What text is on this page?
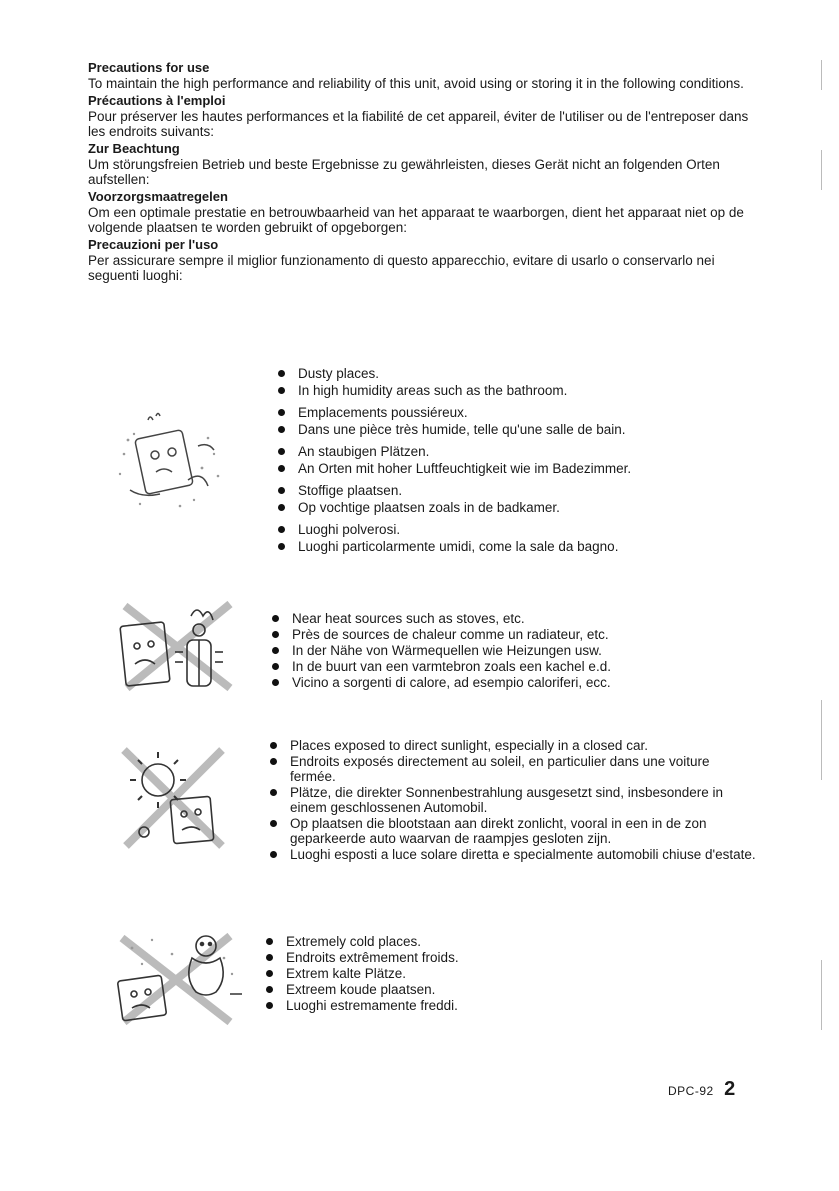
Precautions for use
To maintain the high performance and reliability of this unit, avoid using or storing it in the following conditions.
Précautions à l'emploi
Pour préserver les hautes performances et la fiabilité de cet appareil, éviter de l'utiliser ou de l'entreposer dans les endroits suivants:
Zur Beachtung
Um störungsfreien Betrieb und beste Ergebnisse zu gewährleisten, dieses Gerät nicht an folgenden Orten aufstellen:
Voorzorgsmaatregelen
Om een optimale prestatie en betrouwbaarheid van het apparaat te waarborgen, dient het apparaat niet op de volgende plaatsen te worden gebruikt of opgeborgen:
Precauzioni per l'uso
Per assicurare sempre il miglior funzionamento di questo apparecchio, evitare di usarlo o conservarlo nei seguenti luoghi:
Dusty places.
In high humidity areas such as the bathroom.
Emplacements poussiéreux.
Dans une pièce très humide, telle qu'une salle de bain.
An staubigen Plätzen.
An Orten mit hoher Luftfeuchtigkeit wie im Badezimmer.
Stoffige plaatsen.
Op vochtige plaatsen zoals in de badkamer.
Luoghi polverosi.
Luoghi particolarmente umidi, come la sale da bagno.
Near heat sources such as stoves, etc.
Près de sources de chaleur comme un radiateur, etc.
In der Nähe von Wärmequellen wie Heizungen usw.
In de buurt van een varmtebron zoals een kachel e.d.
Vicino a sorgenti di calore, ad esempio caloriferi, ecc.
Places exposed to direct sunlight, especially in a closed car.
Endroits exposés directement au soleil, en particulier dans une voiture fermée.
Plätze, die direkter Sonnenbestrahlung ausgesetzt sind, insbesondere in einem geschlossenen Automobil.
Op plaatsen die blootstaan aan direkt zonlicht, vooral in een in de zon geparkeerde auto waarvan de raampjes gesloten zijn.
Luoghi esposti a luce solare diretta e specialmente automobili chiuse d'estate.
Extremely cold places.
Endroits extrêmement froids.
Extrem kalte Plätze.
Extreem koude plaatsen.
Luoghi estremamente freddi.
DPC-92 2
